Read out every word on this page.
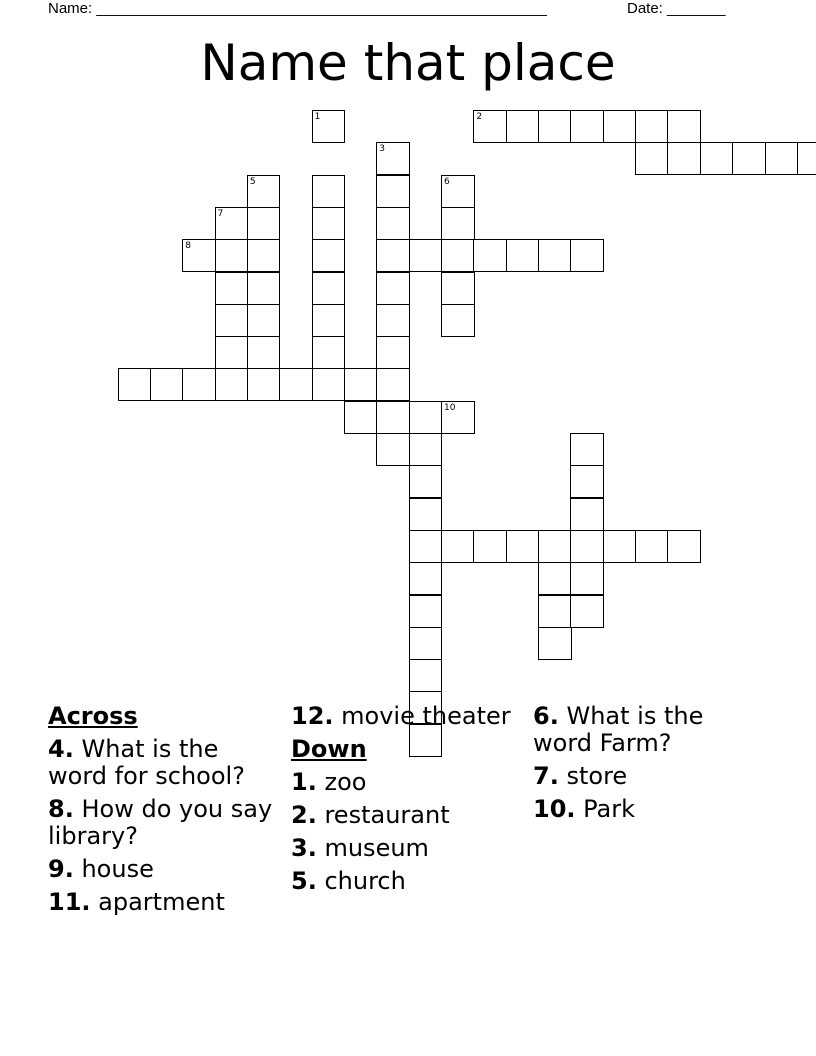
Name: ______________________________________________________	Date: _______
Name that place
1	2
3
5	6
7
8
10
Across
4. What is the word for school?
8. How do you say library?
9. house
11. apartment
12. movie theater
Down
1. zoo
2. restaurant
3. museum
5. church
6. What is the word Farm?
7. store
10. Park
